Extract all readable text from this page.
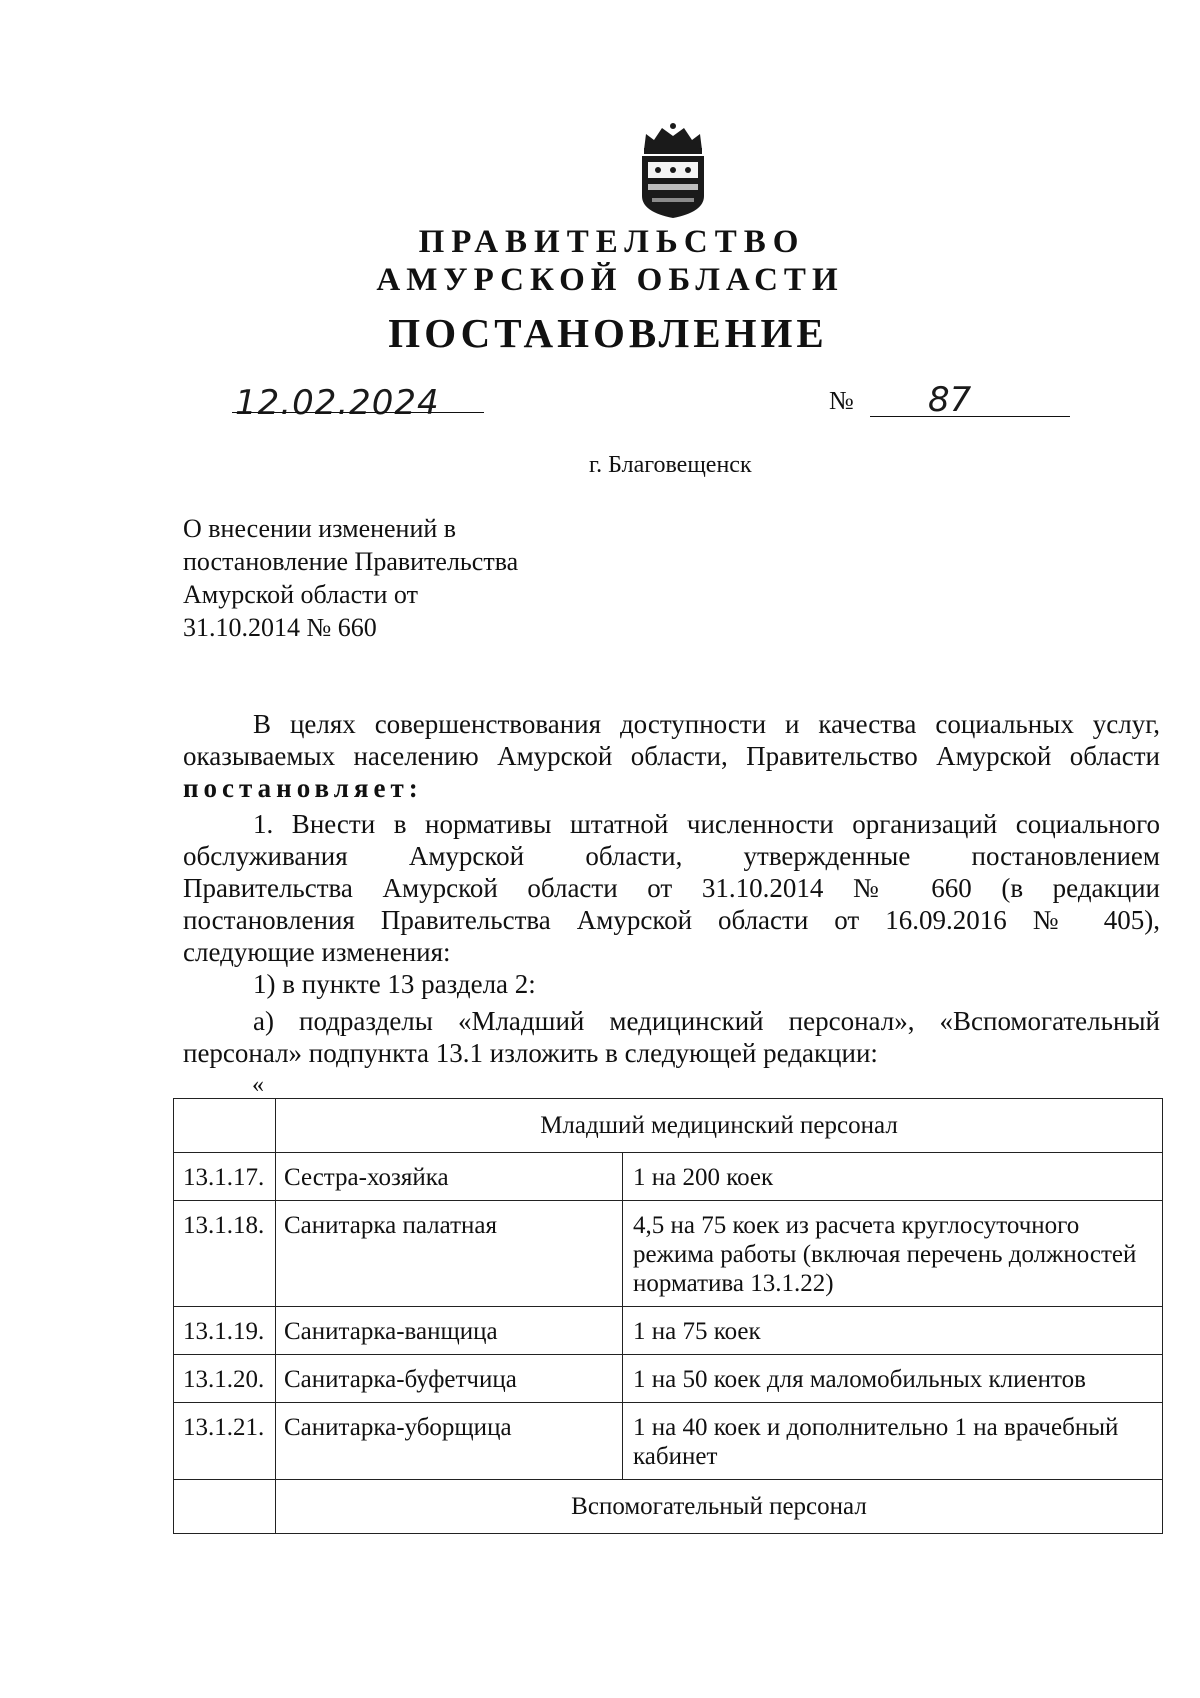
ПРАВИТЕЛЬСТВО
АМУРСКОЙ ОБЛАСТИ
ПОСТАНОВЛЕНИЕ
12.02.2024	№ 87
г. Благовещенск
О внесении изменений в
постановление Правительства
Амурской области от
31.10.2014 № 660
В целях совершенствования доступности и качества социальных услуг,
оказываемых населению Амурской области, Правительство Амурской области
постановляет:
1. Внести в нормативы штатной численности организаций социального
обслуживания Амурской области, утвержденные постановлением
Правительства Амурской области от 31.10.2014 № 660 (в редакции
постановления Правительства Амурской области от 16.09.2016 № 405),
следующие изменения:
1) в пункте 13 раздела 2:
а) подразделы «Младший медицинский персонал», «Вспомогательный
персонал» подпункта 13.1 изложить в следующей редакции:
«
	Младший медицинский персонал	
13.1.17.	Сестра-хозяйка	1 на 200 коек
13.1.18.	Санитарка палатная	4,5 на 75 коек из расчета круглосуточного режима работы (включая перечень должностей норматива 13.1.22)
13.1.19.	Санитарка-ванщица	1 на 75 коек
13.1.20.	Санитарка-буфетчица	1 на 50 коек для маломобильных клиентов
13.1.21.	Санитарка-уборщица	1 на 40 коек и дополнительно 1 на врачебный кабинет
	Вспомогательный персонал	
